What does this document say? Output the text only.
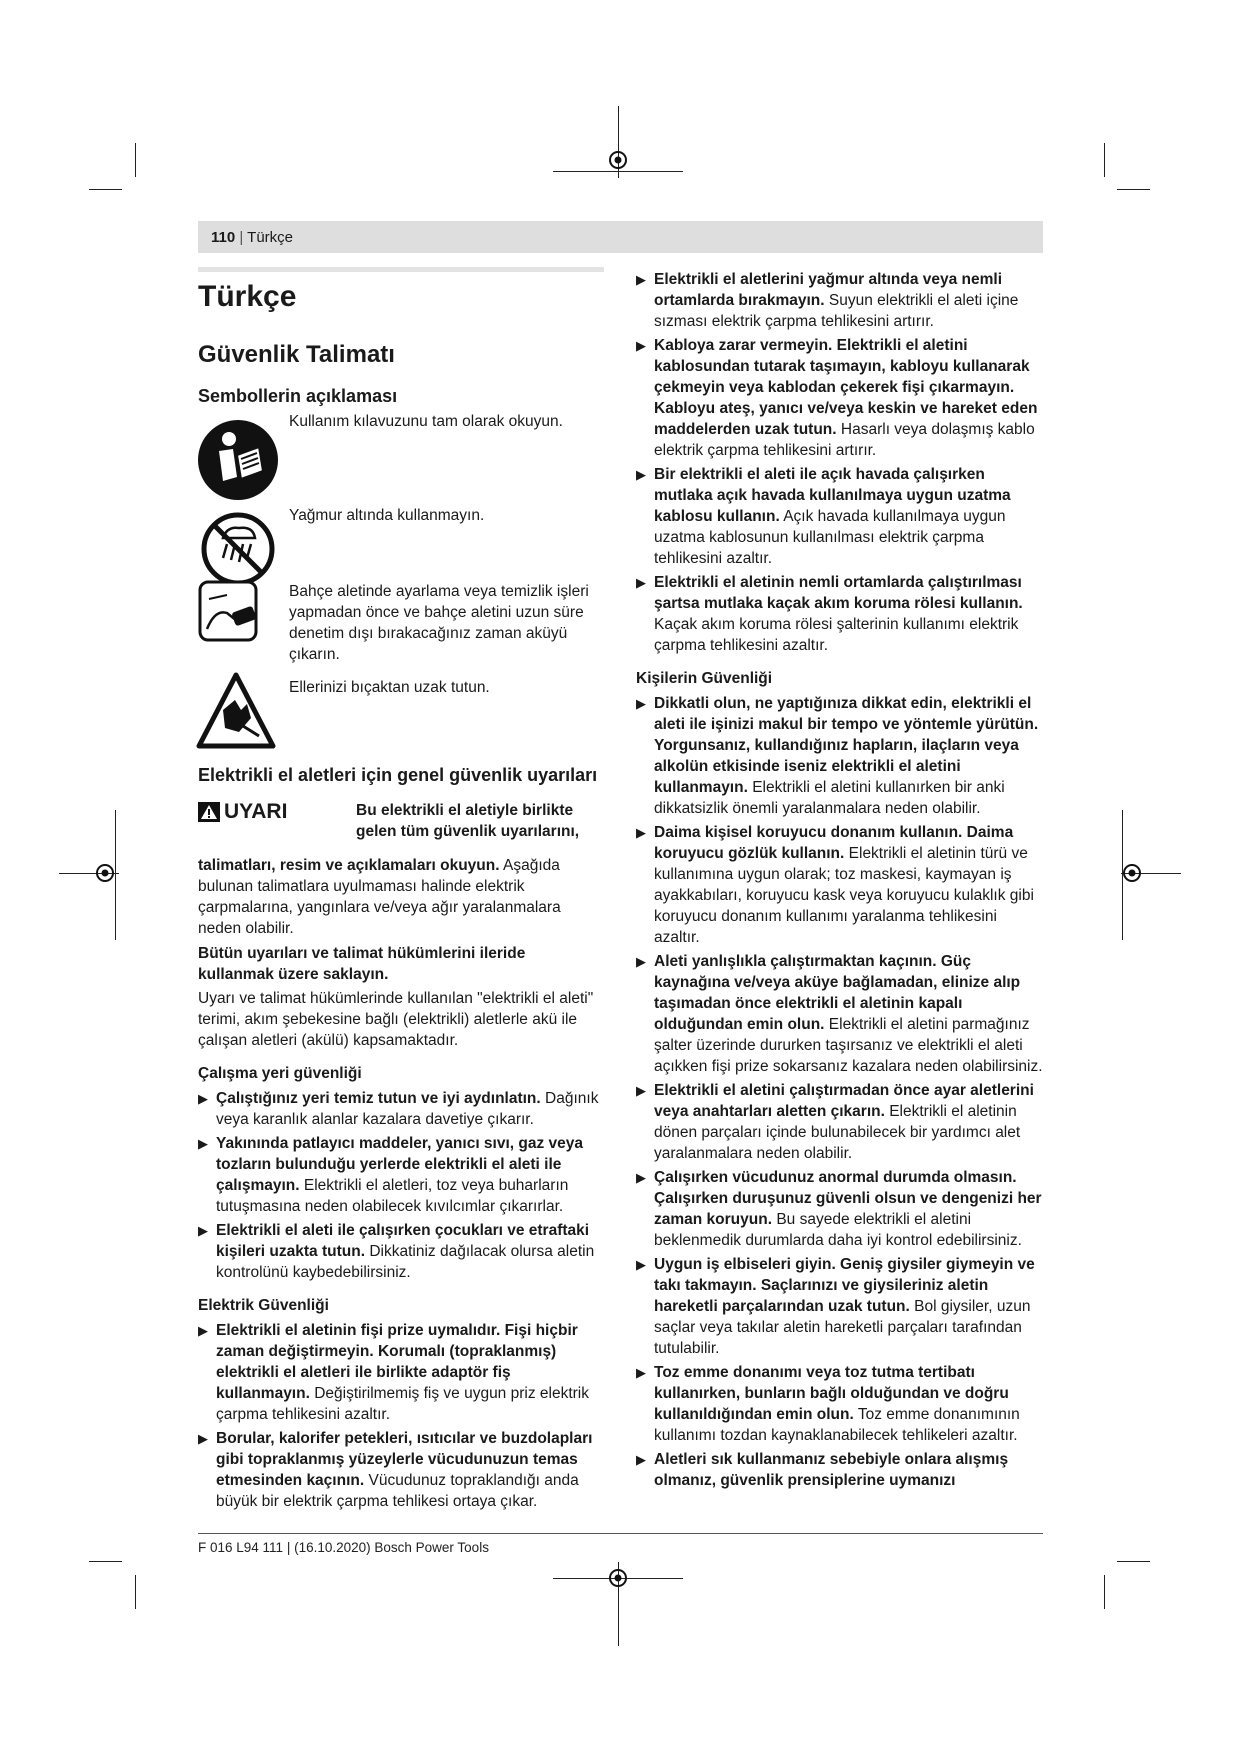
110 | Türkçe
Türkçe
Güvenlik Talimatı
Sembollerin açıklaması
Kullanım kılavuzunu tam olarak okuyun.
Yağmur altında kullanmayın.
Bahçe aletinde ayarlama veya temizlik işleri yapmadan önce ve bahçe aletini uzun süre denetim dışı bırakacağınız zaman aküyü çıkarın.
Ellerinizi bıçaktan uzak tutun.
Elektrikli el aletleri için genel güvenlik uyarıları
UYARI	Bu elektrikli el aletiyle birlikte gelen tüm güvenlik uyarılarını,

talimatları, resim ve açıklamaları okuyun. Aşağıda bulunan talimatlara uyulmaması halinde elektrik çarpmalarına, yangınlara ve/veya ağır yaralanmalara neden olabilir.

Bütün uyarıları ve talimat hükümlerini ileride kullanmak üzere saklayın.

Uyarı ve talimat hükümlerinde kullanılan "elektrikli el aleti" terimi, akım şebekesine bağlı (elektrikli) aletlerle akü ile çalışan aletleri (akülü) kapsamaktadır.

Çalışma yeri güvenliği

▶ Çalıştığınız yeri temiz tutun ve iyi aydınlatın. Dağınık veya karanlık alanlar kazalara davetiye çıkarır.

▶ Yakınında patlayıcı maddeler, yanıcı sıvı, gaz veya tozların bulunduğu yerlerde elektrikli el aleti ile çalışmayın. Elektrikli el aletleri, toz veya buharların tutuşmasına neden olabilecek kıvılcımlar çıkarırlar.

▶ Elektrikli el aleti ile çalışırken çocukları ve etraftaki kişileri uzakta tutun. Dikkatiniz dağılacak olursa aletin kontrolünü kaybedebilirsiniz.

Elektrik Güvenliği

▶ Elektrikli el aletinin fişi prize uymalıdır. Fişi hiçbir zaman değiştirmeyin. Korumalı (topraklanmış) elektrikli el aletleri ile birlikte adaptör fiş kullanmayın. Değiştirilmemiş fiş ve uygun priz elektrik çarpma tehlikesini azaltır.

▶ Borular, kalorifer petekleri, ısıtıcılar ve buzdolapları gibi topraklanmış yüzeylerle vücudunuzun temas etmesinden kaçının. Vücudunuz topraklandığı anda büyük bir elektrik çarpma tehlikesi ortaya çıkar.

▶ Elektrikli el aletlerini yağmur altında veya nemli ortamlarda bırakmayın. Suyun elektrikli el aleti içine sızması elektrik çarpma tehlikesini artırır.

▶ Kabloya zarar vermeyin. Elektrikli el aletini kablosundan tutarak taşımayın, kabloyu kullanarak çekmeyin veya kablodan çekerek fişi çıkarmayın. Kabloyu ateş, yanıcı ve/veya keskin ve hareket eden maddelerden uzak tutun. Hasarlı veya dolaşmış kablo elektrik çarpma tehlikesini artırır.

▶ Bir elektrikli el aleti ile açık havada çalışırken mutlaka açık havada kullanılmaya uygun uzatma kablosu kullanın. Açık havada kullanılmaya uygun uzatma kablosunun kullanılması elektrik çarpma tehlikesini azaltır.

▶ Elektrikli el aletinin nemli ortamlarda çalıştırılması şartsa mutlaka kaçak akım koruma rölesi kullanın. Kaçak akım koruma rölesi şalterinin kullanımı elektrik çarpma tehlikesini azaltır.

Kişilerin Güvenliği

▶ Dikkatli olun, ne yaptığınıza dikkat edin, elektrikli el aleti ile işinizi makul bir tempo ve yöntemle yürütün. Yorgunsanız, kullandığınız hapların, ilaçların veya alkolün etkisinde iseniz elektrikli el aletini kullanmayın. Elektrikli el aletini kullanırken bir anki dikkatsizlik önemli yaralanmalara neden olabilir.

▶ Daima kişisel koruyucu donanım kullanın. Daima koruyucu gözlük kullanın. Elektrikli el aletinin türü ve kullanımına uygun olarak; toz maskesi, kaymayan iş ayakkabıları, koruyucu kask veya koruyucu kulaklık gibi koruyucu donanım kullanımı yaralanma tehlikesini azaltır.

▶ Aleti yanlışlıkla çalıştırmaktan kaçının. Güç kaynağına ve/veya aküye bağlamadan, elinize alıp taşımadan önce elektrikli el aletinin kapalı olduğundan emin olun. Elektrikli el aletini parmağınız şalter üzerinde dururken taşırsanız ve elektrikli el aleti açıkken fişi prize sokarsanız kazalara neden olabilirsiniz.

▶ Elektrikli el aletini çalıştırmadan önce ayar aletlerini veya anahtarları aletten çıkarın. Elektrikli el aletinin dönen parçaları içinde bulunabilecek bir yardımcı alet yaralanmalara neden olabilir.

▶ Çalışırken vücudunuz anormal durumda olmasın. Çalışırken duruşunuz güvenli olsun ve dengenizi her zaman koruyun. Bu sayede elektrikli el aletini beklenmedik durumlarda daha iyi kontrol edebilirsiniz.

▶ Uygun iş elbiseleri giyin. Geniş giysiler giymeyin ve takı takmayın. Saçlarınızı ve giysileriniz aletin hareketli parçalarından uzak tutun. Bol giysiler, uzun saçlar veya takılar aletin hareketli parçaları tarafından tutulabilir.

▶ Toz emme donanımı veya toz tutma tertibatı kullanırken, bunların bağlı olduğundan ve doğru kullanıldığından emin olun. Toz emme donanımının kullanımı tozdan kaynaklanabilecek tehlikeleri azaltır.

▶ Aletleri sık kullanmanız sebebiyle onlara alışmış olmanız, güvenlik prensiplerine uymanızı

F 016 L94 111 | (16.10.2020) Bosch Power Tools
